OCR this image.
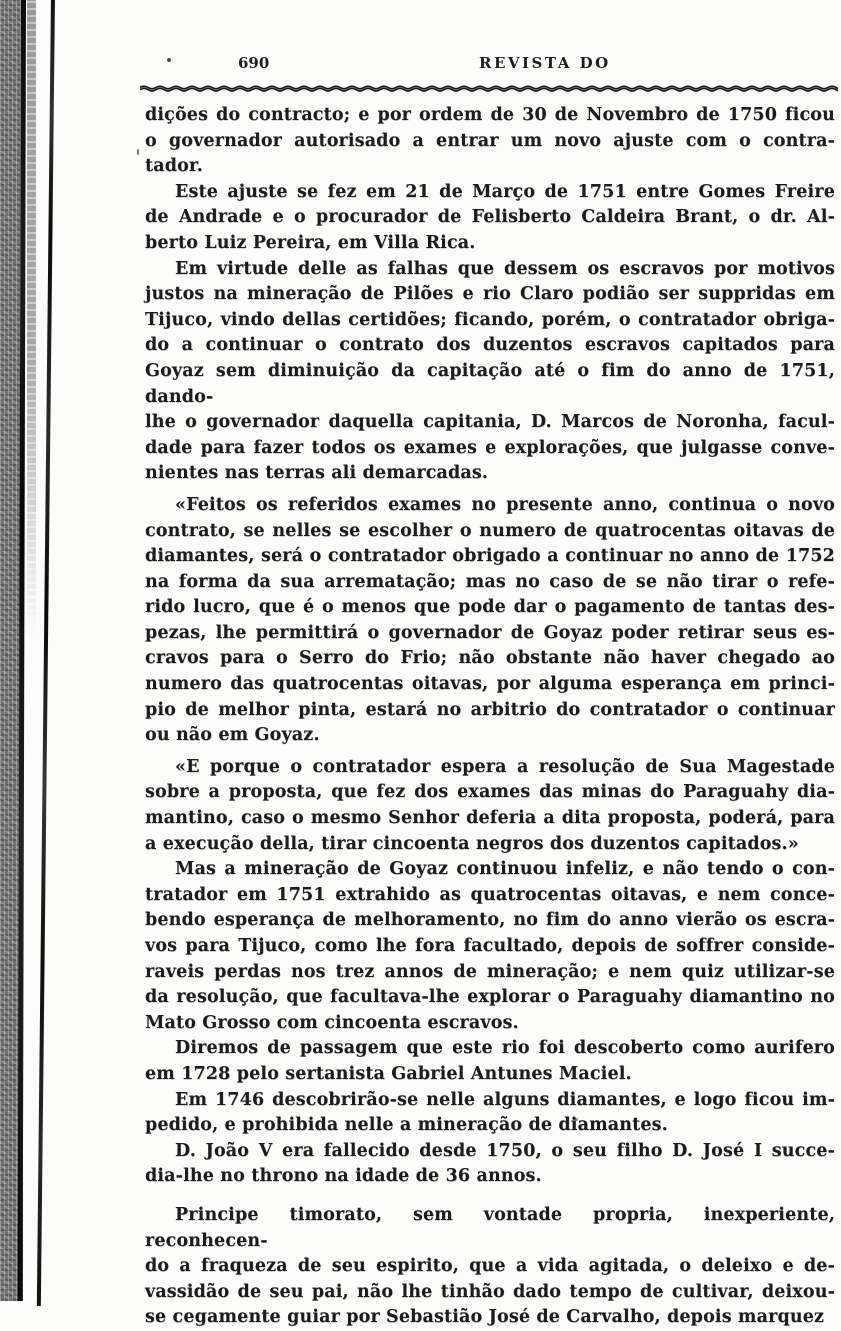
690	REVISTA DO
dições do contracto; e por ordem de 30 de Novembro de 1750 ficou
o governador autorisado a entrar um novo ajuste com o contra-
tador.
Este ajuste se fez em 21 de Março de 1751 entre Gomes Freire
de Andrade e o procurador de Felisberto Caldeira Brant, o dr. Al-
berto Luiz Pereira, em Villa Rica.
Em virtude delle as falhas que dessem os escravos por motivos
justos na mineração de Pilões e rio Claro podião ser suppridas em
Tijuco, vindo dellas certidões; ficando, porém, o contratador obriga-
do a continuar o contrato dos duzentos escravos capitados para
Goyaz sem diminuição da capitação até o fim do anno de 1751, dando-
lhe o governador daquella capitania, D. Marcos de Noronha, facul-
dade para fazer todos os exames e explorações, que julgasse conve-
nientes nas terras ali demarcadas.
«Feitos os referidos exames no presente anno, continua o novo
contrato, se nelles se escolher o numero de quatrocentas oitavas de
diamantes, será o contratador obrigado a continuar no anno de 1752
na forma da sua arrematação; mas no caso de se não tirar o refe-
rido lucro, que é o menos que pode dar o pagamento de tantas des-
pezas, lhe permittirá o governador de Goyaz poder retirar seus es-
cravos para o Serro do Frio; não obstante não haver chegado ao
numero das quatrocentas oitavas, por alguma esperança em princi-
pio de melhor pinta, estará no arbitrio do contratador o continuar
ou não em Goyaz.
«E porque o contratador espera a resolução de Sua Magestade
sobre a proposta, que fez dos exames das minas do Paraguahy dia-
mantino, caso o mesmo Senhor deferia a dita proposta, poderá, para
a execução della, tirar cincoenta negros dos duzentos capitados.»
Mas a mineração de Goyaz continuou infeliz, e não tendo o con-
tratador em 1751 extrahido as quatrocentas oitavas, e nem conce-
bendo esperança de melhoramento, no fim do anno vierão os escra-
vos para Tijuco, como lhe fora facultado, depois de soffrer conside-
raveis perdas nos trez annos de mineração; e nem quiz utilizar-se
da resolução, que facultava-lhe explorar o Paraguahy diamantino no
Mato Grosso com cincoenta escravos.
Diremos de passagem que este rio foi descoberto como aurifero
em 1728 pelo sertanista Gabriel Antunes Maciel.
Em 1746 descobrirão-se nelle alguns diamantes, e logo ficou im-
pedido, e prohibida nelle a mineração de diamantes.
D. João V era fallecido desde 1750, o seu filho D. José I succe-
dia-lhe no throno na idade de 36 annos.
Principe timorato, sem vontade propria, inexperiente, reconhecen-
do a fraqueza de seu espirito, que a vida agitada, o deleixo e de-
vassidão de seu pai, não lhe tinhão dado tempo de cultivar, deixou-
se cegamente guiar por Sebastião José de Carvalho, depois marquez
